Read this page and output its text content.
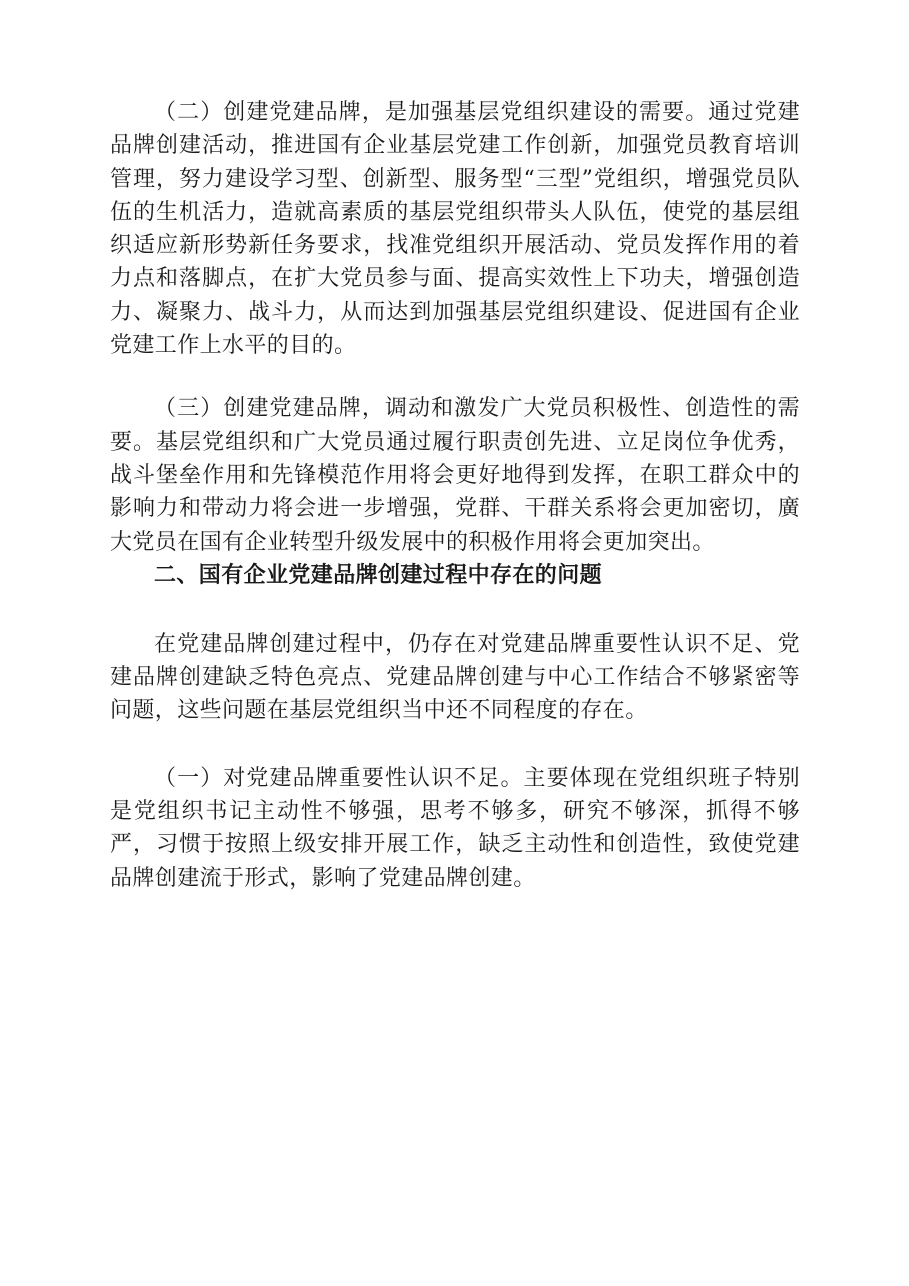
（二）创建党建品牌，是加强基层党组织建设的需要。通过党建品牌创建活动，推进国有企业基层党建工作创新，加强党员教育培训管理，努力建设学习型、创新型、服务型“三型”党组织，增强党员队伍的生机活力，造就高素质的基层党组织带头人队伍，使党的基层组织适应新形势新任务要求，找准党组织开展活动、党员发挥作用的着力点和落脚点，在扩大党员参与面、提高实效性上下功夫，增强创造力、凝聚力、战斗力，从而达到加强基层党组织建设、促进国有企业党建工作上水平的目的。

（三）创建党建品牌，调动和激发广大党员积极性、创造性的需要。基层党组织和广大党员通过履行职责创先进、立足岗位争优秀，战斗堡垒作用和先锋模范作用将会更好地得到发挥，在职工群众中的影响力和带动力将会进一步增强，党群、干群关系将会更加密切，廣大党员在国有企业转型升级发展中的积极作用将会更加突出。

二、国有企业党建品牌创建过程中存在的问题

在党建品牌创建过程中，仍存在对党建品牌重要性认识不足、党建品牌创建缺乏特色亮点、党建品牌创建与中心工作结合不够紧密等问题，这些问题在基层党组织当中还不同程度的存在。

（一）对党建品牌重要性认识不足。主要体现在党组织班子特别是党组织书记主动性不够强，思考不够多，研究不够深，抓得不够严，习惯于按照上级安排开展工作，缺乏主动性和创造性，致使党建品牌创建流于形式，影响了党建品牌创建。
